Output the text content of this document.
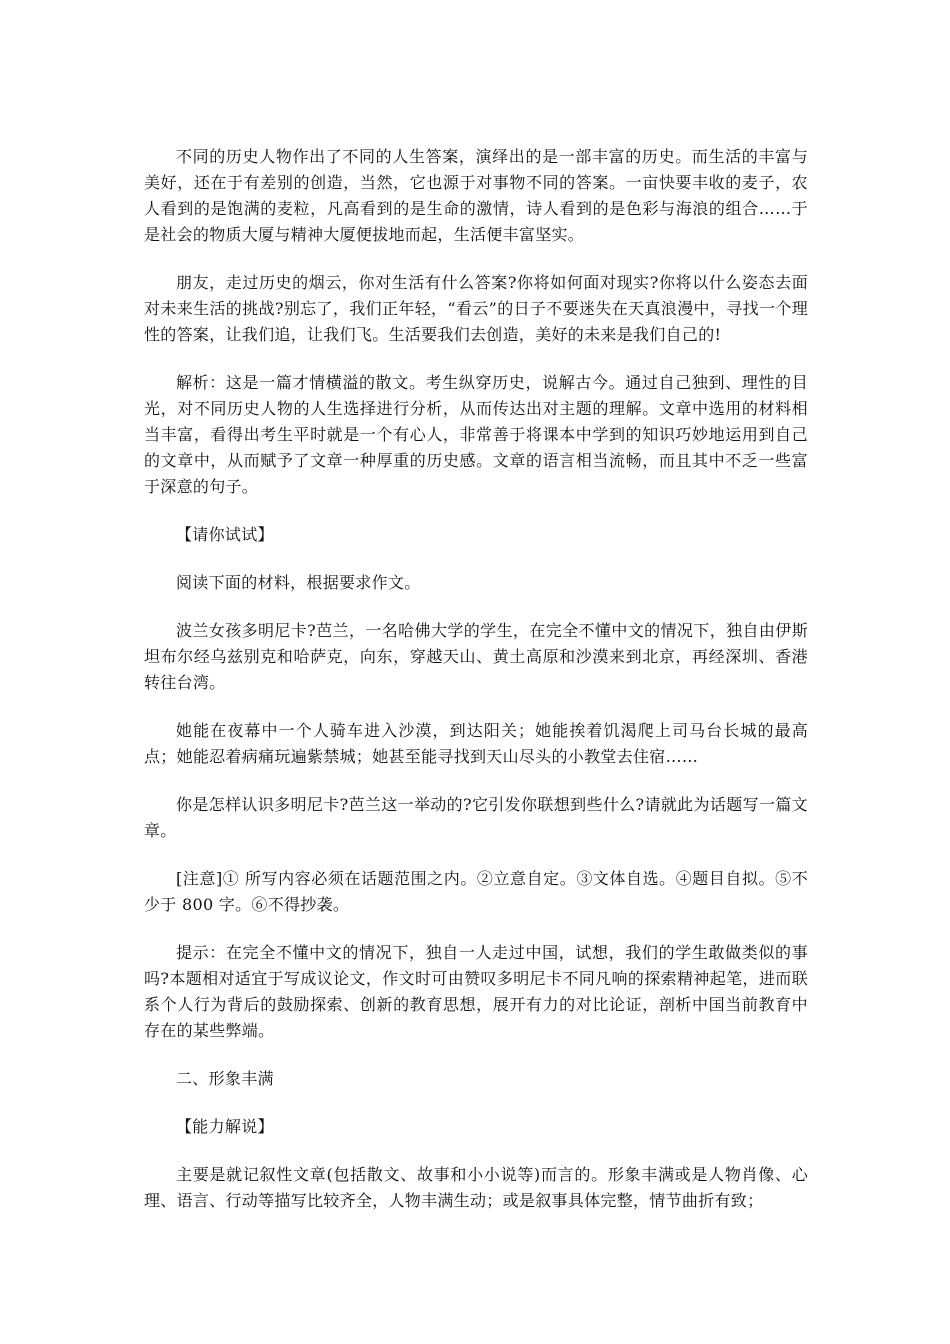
不同的历史人物作出了不同的人生答案，演绎出的是一部丰富的历史。而生活的丰富与美好，还在于有差别的创造，当然，它也源于对事物不同的答案。一亩快要丰收的麦子，农人看到的是饱满的麦粒，凡高看到的是生命的激情，诗人看到的是色彩与海浪的组合……于是社会的物质大厦与精神大厦便拔地而起，生活便丰富坚实。

朋友，走过历史的烟云，你对生活有什么答案?你将如何面对现实?你将以什么姿态去面对未来生活的挑战?别忘了，我们正年轻，“看云”的日子不要迷失在天真浪漫中，寻找一个理性的答案，让我们追，让我们飞。生活要我们去创造，美好的未来是我们自己的!

解析：这是一篇才情横溢的散文。考生纵穿历史，说解古今。通过自己独到、理性的目光，对不同历史人物的人生选择进行分析，从而传达出对主题的理解。文章中选用的材料相当丰富，看得出考生平时就是一个有心人，非常善于将课本中学到的知识巧妙地运用到自己的文章中，从而赋予了文章一种厚重的历史感。文章的语言相当流畅，而且其中不乏一些富于深意的句子。

【请你试试】

阅读下面的材料，根据要求作文。

波兰女孩多明尼卡?芭兰，一名哈佛大学的学生，在完全不懂中文的情况下，独自由伊斯坦布尔经乌兹别克和哈萨克，向东，穿越天山、黄土高原和沙漠来到北京，再经深圳、香港转往台湾。

她能在夜幕中一个人骑车进入沙漠，到达阳关；她能挨着饥渴爬上司马台长城的最高点；她能忍着病痛玩遍紫禁城；她甚至能寻找到天山尽头的小教堂去住宿……

你是怎样认识多明尼卡?芭兰这一举动的?它引发你联想到些什么?请就此为话题写一篇文章。

[注意]① 所写内容必须在话题范围之内。②立意自定。③文体自选。④题目自拟。⑤不少于 800 字。⑥不得抄袭。

提示：在完全不懂中文的情况下，独自一人走过中国，试想，我们的学生敢做类似的事吗?本题相对适宜于写成议论文，作文时可由赞叹多明尼卡不同凡响的探索精神起笔，进而联系个人行为背后的鼓励探索、创新的教育思想，展开有力的对比论证，剖析中国当前教育中存在的某些弊端。

二、形象丰满

【能力解说】

主要是就记叙性文章(包括散文、故事和小小说等)而言的。形象丰满或是人物肖像、心理、语言、行动等描写比较齐全，人物丰满生动；或是叙事具体完整，情节曲折有致；
